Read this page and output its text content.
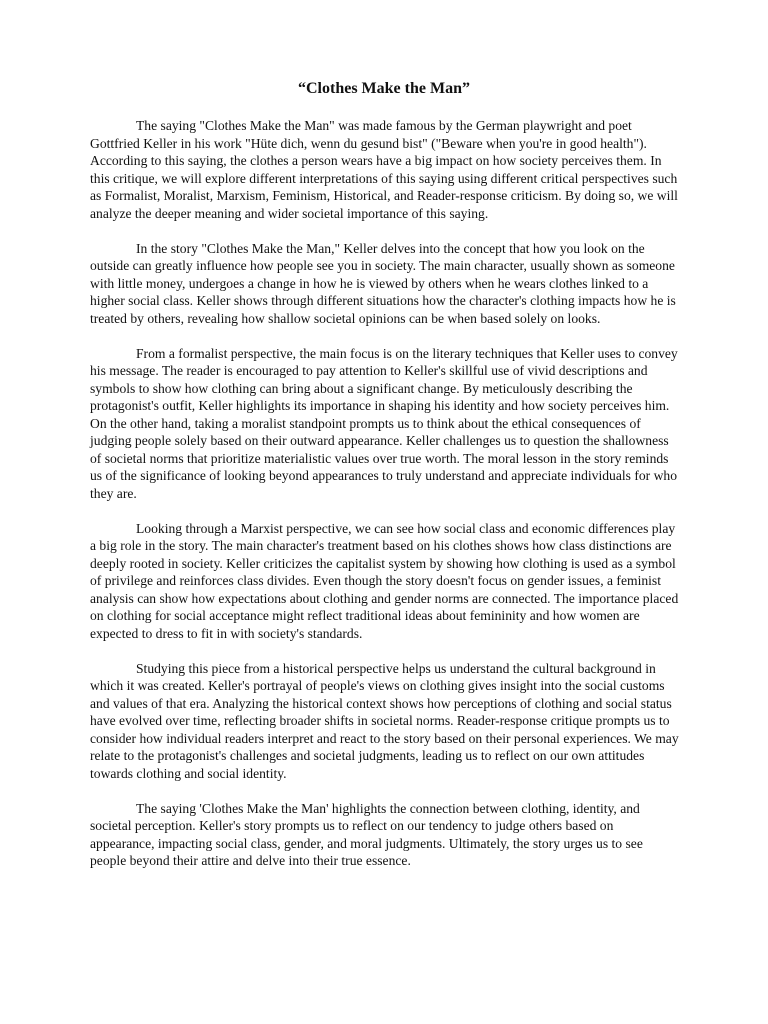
“Clothes Make the Man”

The saying "Clothes Make the Man" was made famous by the German playwright and poet Gottfried Keller in his work "Hüte dich, wenn du gesund bist" ("Beware when you're in good health"). According to this saying, the clothes a person wears have a big impact on how society perceives them. In this critique, we will explore different interpretations of this saying using different critical perspectives such as Formalist, Moralist, Marxism, Feminism, Historical, and Reader-response criticism. By doing so, we will analyze the deeper meaning and wider societal importance of this saying.

In the story "Clothes Make the Man," Keller delves into the concept that how you look on the outside can greatly influence how people see you in society. The main character, usually shown as someone with little money, undergoes a change in how he is viewed by others when he wears clothes linked to a higher social class. Keller shows through different situations how the character's clothing impacts how he is treated by others, revealing how shallow societal opinions can be when based solely on looks.

From a formalist perspective, the main focus is on the literary techniques that Keller uses to convey his message. The reader is encouraged to pay attention to Keller's skillful use of vivid descriptions and symbols to show how clothing can bring about a significant change. By meticulously describing the protagonist's outfit, Keller highlights its importance in shaping his identity and how society perceives him. On the other hand, taking a moralist standpoint prompts us to think about the ethical consequences of judging people solely based on their outward appearance. Keller challenges us to question the shallowness of societal norms that prioritize materialistic values over true worth. The moral lesson in the story reminds us of the significance of looking beyond appearances to truly understand and appreciate individuals for who they are.

Looking through a Marxist perspective, we can see how social class and economic differences play a big role in the story. The main character's treatment based on his clothes shows how class distinctions are deeply rooted in society. Keller criticizes the capitalist system by showing how clothing is used as a symbol of privilege and reinforces class divides. Even though the story doesn't focus on gender issues, a feminist analysis can show how expectations about clothing and gender norms are connected. The importance placed on clothing for social acceptance might reflect traditional ideas about femininity and how women are expected to dress to fit in with society's standards.

Studying this piece from a historical perspective helps us understand the cultural background in which it was created. Keller's portrayal of people's views on clothing gives insight into the social customs and values of that era. Analyzing the historical context shows how perceptions of clothing and social status have evolved over time, reflecting broader shifts in societal norms. Reader-response critique prompts us to consider how individual readers interpret and react to the story based on their personal experiences. We may relate to the protagonist's challenges and societal judgments, leading us to reflect on our own attitudes towards clothing and social identity.

The saying 'Clothes Make the Man' highlights the connection between clothing, identity, and societal perception. Keller's story prompts us to reflect on our tendency to judge others based on appearance, impacting social class, gender, and moral judgments. Ultimately, the story urges us to see people beyond their attire and delve into their true essence.
